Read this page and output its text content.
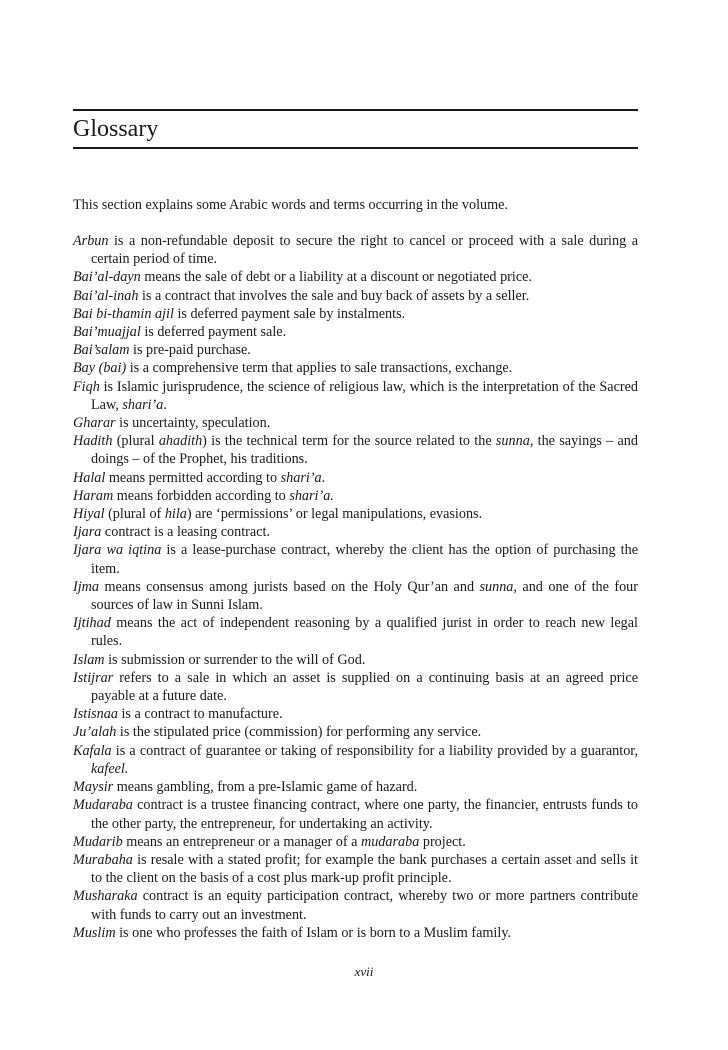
Glossary

This section explains some Arabic words and terms occurring in the volume.

Arbun is a non-refundable deposit to secure the right to cancel or proceed with a sale during a certain period of time.
Bai’al-dayn means the sale of debt or a liability at a discount or negotiated price.
Bai’al-inah is a contract that involves the sale and buy back of assets by a seller.
Bai bi-thamin ajil is deferred payment sale by instalments.
Bai’muajjal is deferred payment sale.
Bai’salam is pre-paid purchase.
Bay (bai) is a comprehensive term that applies to sale transactions, exchange.
Fiqh is Islamic jurisprudence, the science of religious law, which is the interpretation of the Sacred Law, shari’a.
Gharar is uncertainty, speculation.
Hadith (plural ahadith) is the technical term for the source related to the sunna, the sayings – and doings – of the Prophet, his traditions.
Halal means permitted according to shari’a.
Haram means forbidden according to shari’a.
Hiyal (plural of hila) are ‘permissions’ or legal manipulations, evasions.
Ijara contract is a leasing contract.
Ijara wa iqtina is a lease-purchase contract, whereby the client has the option of purchasing the item.
Ijma means consensus among jurists based on the Holy Qur’an and sunna, and one of the four sources of law in Sunni Islam.
Ijtihad means the act of independent reasoning by a qualified jurist in order to reach new legal rules.
Islam is submission or surrender to the will of God.
Istijrar refers to a sale in which an asset is supplied on a continuing basis at an agreed price payable at a future date.
Istisnaa is a contract to manufacture.
Ju’alah is the stipulated price (commission) for performing any service.
Kafala is a contract of guarantee or taking of responsibility for a liability provided by a guarantor, kafeel.
Maysir means gambling, from a pre-Islamic game of hazard.
Mudaraba contract is a trustee financing contract, where one party, the financier, entrusts funds to the other party, the entrepreneur, for undertaking an activity.
Mudarib means an entrepreneur or a manager of a mudaraba project.
Murabaha is resale with a stated profit; for example the bank purchases a certain asset and sells it to the client on the basis of a cost plus mark-up profit principle.
Musharaka contract is an equity participation contract, whereby two or more partners contribute with funds to carry out an investment.
Muslim is one who professes the faith of Islam or is born to a Muslim family.
xvii
